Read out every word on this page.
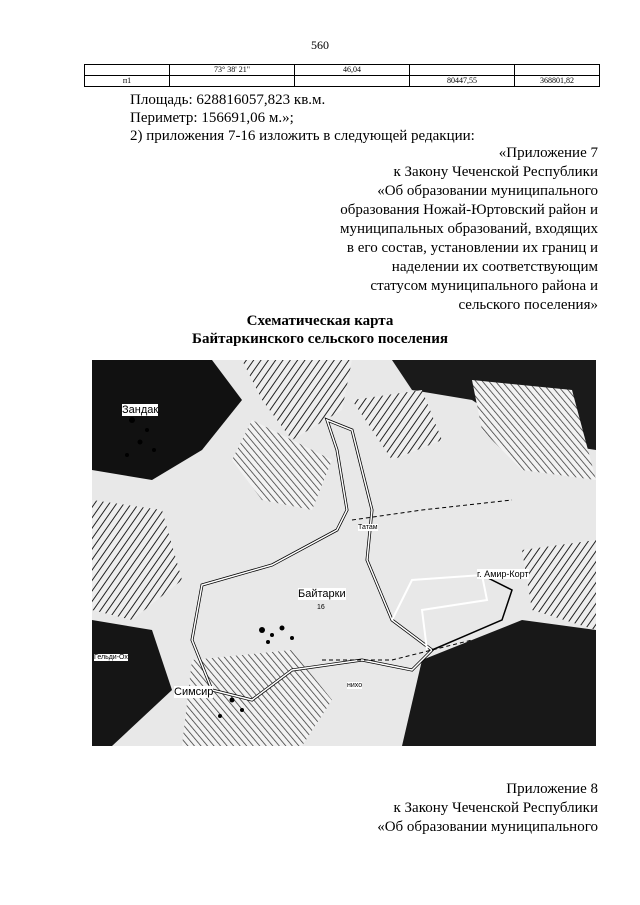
560
	73° 38' 21"	46,04		
п1			80447,55	368801,82
Площадь: 628816057,823 кв.м.
Периметр: 156691,06 м.»;
2) приложения 7-16 изложить в следующей редакции:
«Приложение 7
к Закону Чеченской Республики
«Об образовании муниципального
образования Ножай-Юртовский район и
муниципальных образований, входящих
в его состав, установлении их границ и
наделении их соответствующим
статусом муниципального района и
сельского поселения»
Схематическая карта
Байтаркинского сельского поселения
Зандак
Байтарки
16
Симсир
г. Амир-Корт
Татам
нихо
Гельди-Ох
Приложение 8
к Закону Чеченской Республики
«Об образовании муниципального
